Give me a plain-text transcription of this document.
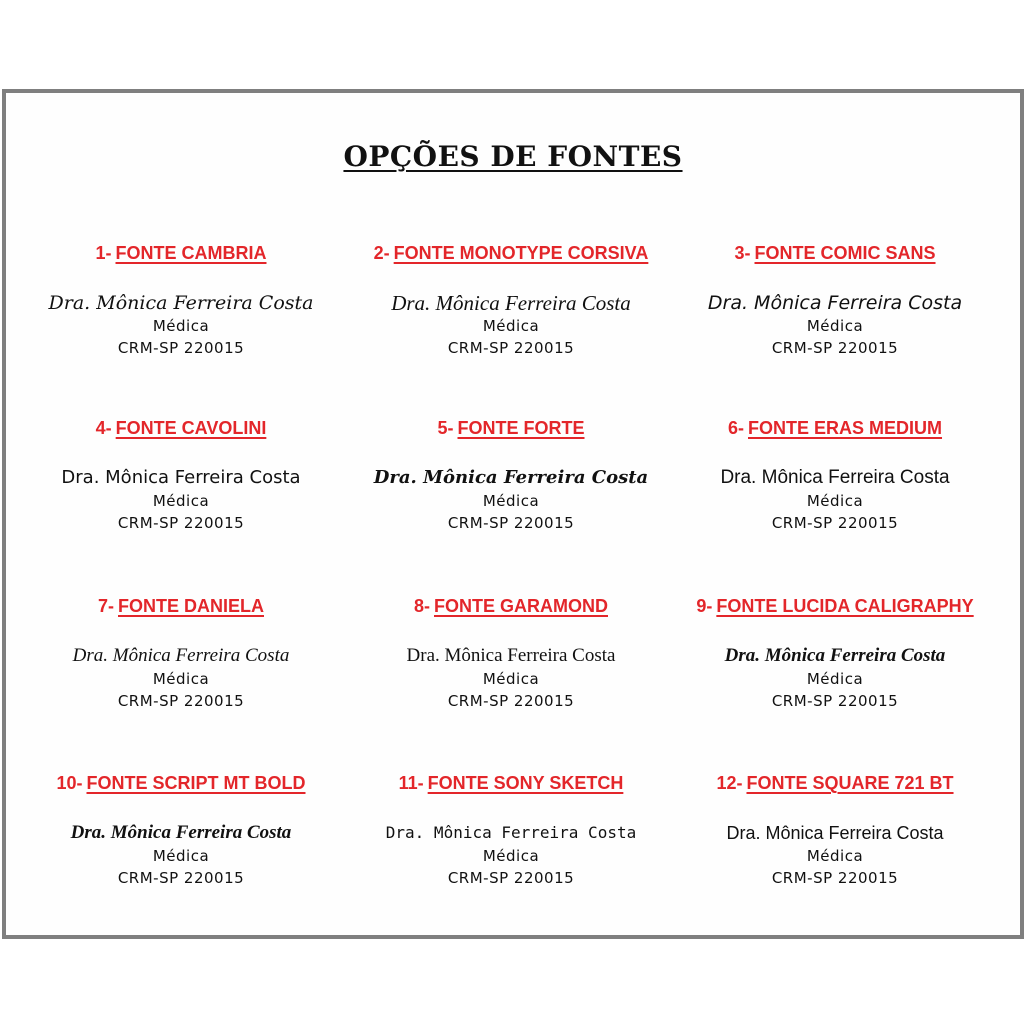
OPÇÕES DE FONTES
1- FONTE CAMBRIA
Dra. Mônica Ferreira Costa
Médica
CRM-SP 220015
2- FONTE MONOTYPE CORSIVA
Dra. Mônica Ferreira Costa
Médica
CRM-SP 220015
3- FONTE COMIC SANS
Dra. Mônica Ferreira Costa
Médica
CRM-SP 220015
4- FONTE CAVOLINI
Dra. Mônica Ferreira Costa
Médica
CRM-SP 220015
5- FONTE FORTE
Dra. Mônica Ferreira Costa
Médica
CRM-SP 220015
6- FONTE ERAS MEDIUM
Dra. Mônica Ferreira Costa
Médica
CRM-SP 220015
7- FONTE DANIELA
Dra. Mônica Ferreira Costa
Médica
CRM-SP 220015
8- FONTE GARAMOND
Dra. Mônica Ferreira Costa
Médica
CRM-SP 220015
9- FONTE LUCIDA CALIGRAPHY
Dra. Mônica Ferreira Costa
Médica
CRM-SP 220015
10- FONTE SCRIPT MT BOLD
Dra. Mônica Ferreira Costa
Médica
CRM-SP 220015
11- FONTE SONY SKETCH
Dra. Mônica Ferreira Costa
Médica
CRM-SP 220015
12- FONTE SQUARE 721 BT
Dra. Mônica Ferreira Costa
Médica
CRM-SP 220015
